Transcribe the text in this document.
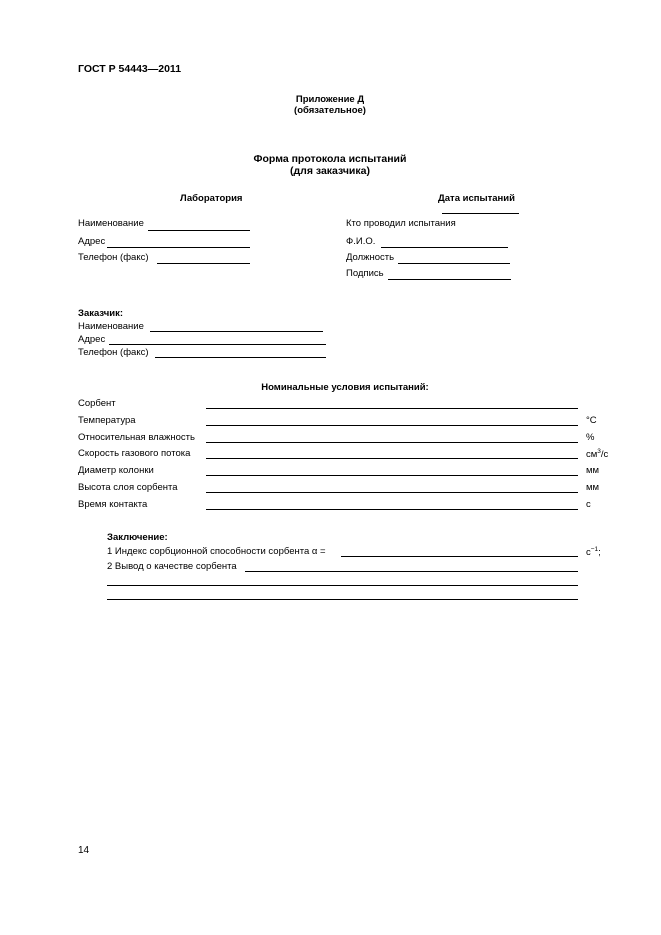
ГОСТ Р 54443—2011
Приложение Д
(обязательное)
Форма протокола испытаний
(для заказчика)
Лаборатория
Наименование
Адрес
Телефон (факс)
Дата испытаний
Кто проводил испытания
Ф.И.О.
Должность
Подпись
Заказчик:
Наименование
Адрес
Телефон (факс)
Номинальные условия испытаний:
Сорбент
Температура	°C
Относительная влажность	%
Скорость газового потока	$см^3/с$
Диаметр колонки	мм
Высота слоя сорбента	мм
Время контакта	с
Заключение:
1 Индекс сорбционной способности сорбента α =	$с^{-1}$;
2 Вывод о качестве сорбента
14
